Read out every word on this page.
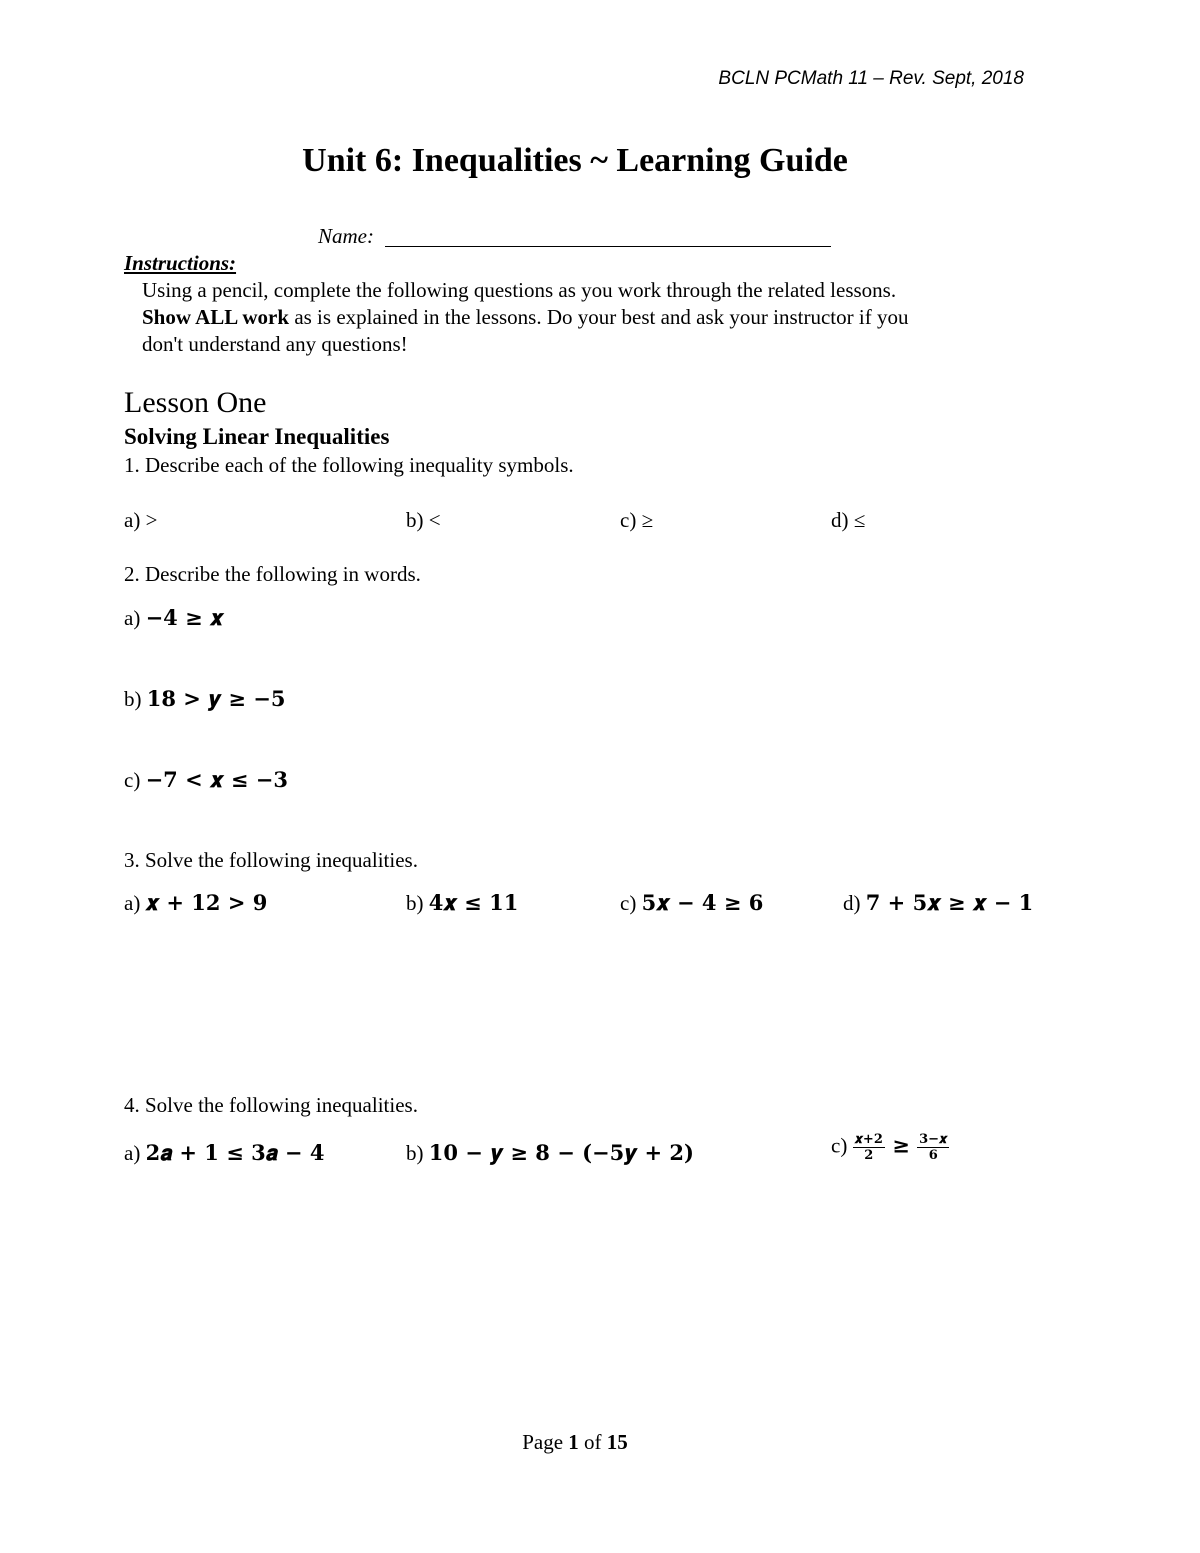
BCLN PCMath 11 – Rev. Sept, 2018
Unit 6: Inequalities ~ Learning Guide
Name:
Instructions:
Using a pencil, complete the following questions as you work through the related lessons.
Show ALL work as is explained in the lessons. Do your best and ask your instructor if you
don't understand any questions!
Lesson One
Solving Linear Inequalities
1. Describe each of the following inequality symbols.
a) >	b) <	c) ≥	d) ≤
2. Describe the following in words.
a) −4 ≥ 𝒙
b) 18 > 𝒚 ≥ −5
c) −7 < 𝒙 ≤ −3
3. Solve the following inequalities.
a) 𝒙 + 12 > 9	b) 4𝒙 ≤ 11	c) 5𝒙 − 4 ≥ 6	d) 7 + 5𝒙 ≥ 𝒙 − 1
4. Solve the following inequalities.
a) 2𝒂 + 1 ≤ 3𝒂 − 4	b) 10 − 𝒚 ≥ 8 − (−5𝒚 + 2)	$c) \frac{\text{𝒙+2}}{2} \ge \frac{\text{3−𝒙}}{6}$
Page 1 of 15
